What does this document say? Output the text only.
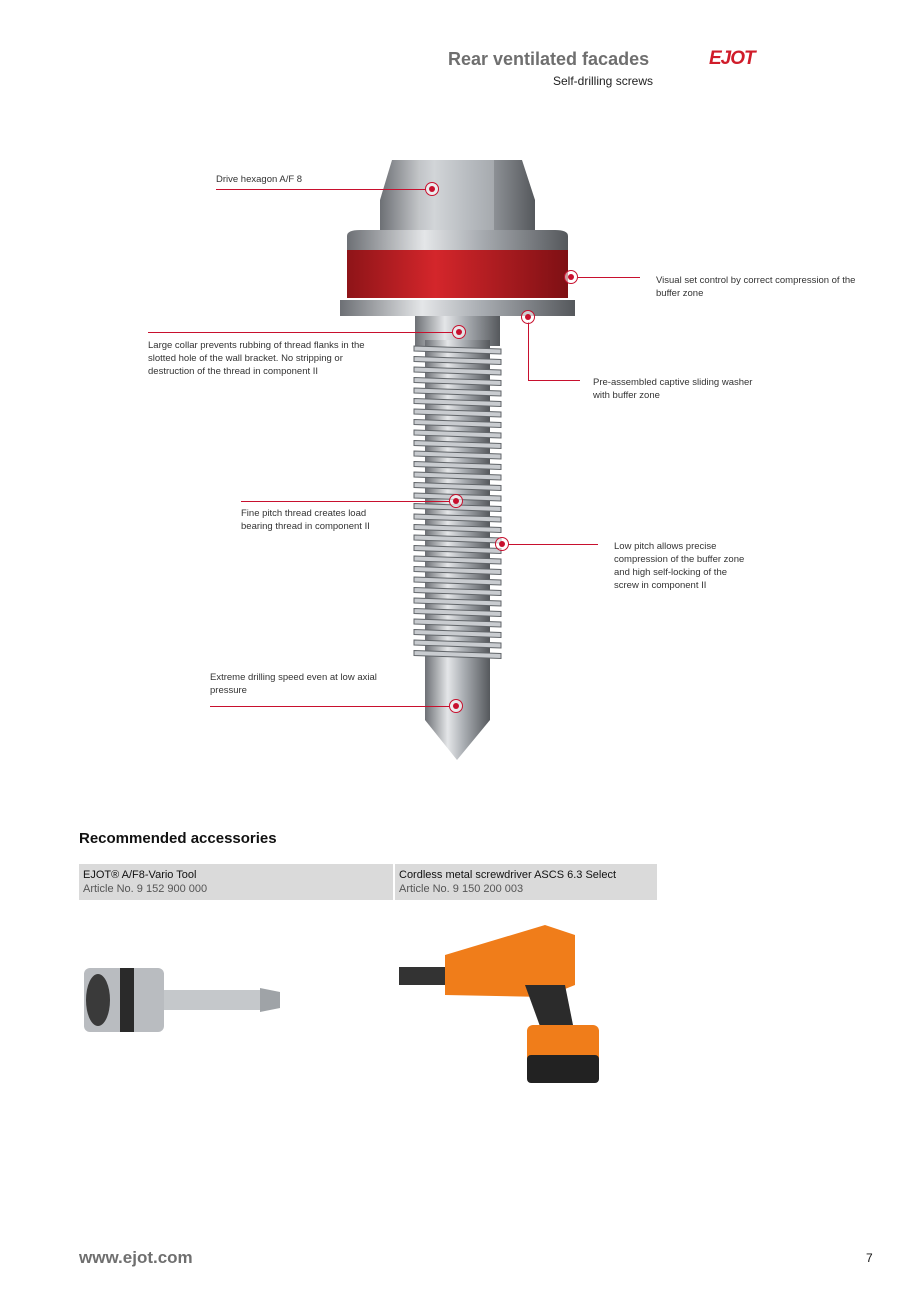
Rear ventilated facades
Self-drilling screws
EJOT
Drive hexagon A/F 8
Visual set control by correct compression of the buffer zone
Large collar prevents rubbing of thread flanks in the slotted hole of the wall bracket. No stripping or destruction of the thread in component II
Pre-assembled captive sliding washer with buffer zone
Fine pitch thread creates load bearing thread in component II
Low pitch allows precise compression of the buffer zone and high self-locking of the screw in component II
Extreme drilling speed even at low axial pressure
Recommended accessories
EJOT® A/F8-Vario Tool
Article No. 9 152 900 000
Cordless metal screwdriver ASCS 6.3 Select
Article No. 9 150 200 003
www.ejot.com	7
